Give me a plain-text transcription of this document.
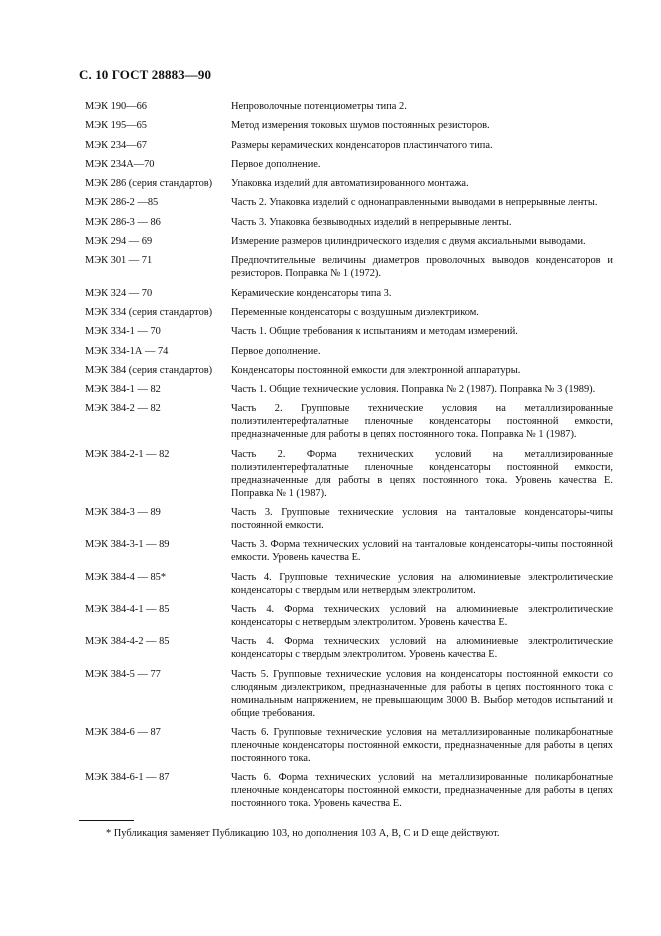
С. 10 ГОСТ 28883—90
МЭК 190—66	Непроволочные потенциометры типа 2.
МЭК 195—65	Метод измерения токовых шумов постоянных резисторов.
МЭК 234—67	Размеры керамических конденсаторов пластинчатого типа.
МЭК 234А—70	Первое дополнение.
МЭК 286 (серия стандартов)	Упаковка изделий для автоматизированного монтажа.
МЭК 286-2 —85	Часть 2. Упаковка изделий с однонаправленными выводами в непрерывные ленты.
МЭК 286-3 — 86	Часть 3. Упаковка безвыводных изделий в непрерывные ленты.
МЭК 294 — 69	Измерение размеров цилиндрического изделия с двумя аксиальными выводами.
МЭК 301 — 71	Предпочтительные величины диаметров проволочных выводов конденсаторов и резисторов. Поправка № 1 (1972).
МЭК 324 — 70	Керамические конденсаторы типа 3.
МЭК 334 (серия стандартов)	Переменные конденсаторы с воздушным диэлектриком.
МЭК 334-1 — 70	Часть 1. Общие требования к испытаниям и методам измерений.
МЭК 334-1А — 74	Первое дополнение.
МЭК 384 (серия стандартов)	Конденсаторы постоянной емкости для электронной аппаратуры.
МЭК 384-1 — 82	Часть 1. Общие технические условия. Поправка № 2 (1987). Поправка № 3 (1989).
МЭК 384-2 — 82	Часть 2. Групповые технические условия на металлизированные полиэтилентерефталатные пленочные конденсаторы постоянной емкости, предназначенные для работы в цепях постоянного тока. Поправка № 1 (1987).
МЭК 384-2-1 — 82	Часть 2. Форма технических условий на металлизированные полиэтилентерефталатные пленочные конденсаторы постоянной емкости, предназначенные для работы в цепях постоянного тока. Уровень качества Е. Поправка № 1 (1987).
МЭК 384-3 — 89	Часть 3. Групповые технические условия на танталовые конденсаторы-чипы постоянной емкости.
МЭК 384-3-1 — 89	Часть 3. Форма технических условий на танталовые конденсаторы-чипы постоянной емкости. Уровень качества Е.
МЭК 384-4 — 85*	Часть 4. Групповые технические условия на алюминиевые электролитические конденсаторы с твердым или нетвердым электролитом.
МЭК 384-4-1 — 85	Часть 4. Форма технических условий на алюминиевые электролитические конденсаторы с нетвердым электролитом. Уровень качества Е.
МЭК 384-4-2 — 85	Часть 4. Форма технических условий на алюминиевые электролитические конденсаторы с твердым электролитом. Уровень качества Е.
МЭК 384-5 — 77	Часть 5. Групповые технические условия на конденсаторы постоянной емкости со слюдяным диэлектриком, предназначенные для работы в цепях постоянного тока с номинальным напряжением, не превышающим 3000 В. Выбор методов испытаний и общие требования.
МЭК 384-6 — 87	Часть 6. Групповые технические условия на металлизированные поликарбонатные пленочные конденсаторы постоянной емкости, предназначенные для работы в цепях постоянного тока.
МЭК 384-6-1 — 87	Часть 6. Форма технических условий на металлизированные поликарбонатные пленочные конденсаторы постоянной емкости, предназначенные для работы в цепях постоянного тока. Уровень качества Е.
* Публикация заменяет Публикацию 103, но дополнения 103 А, В, С и D еще действуют.
